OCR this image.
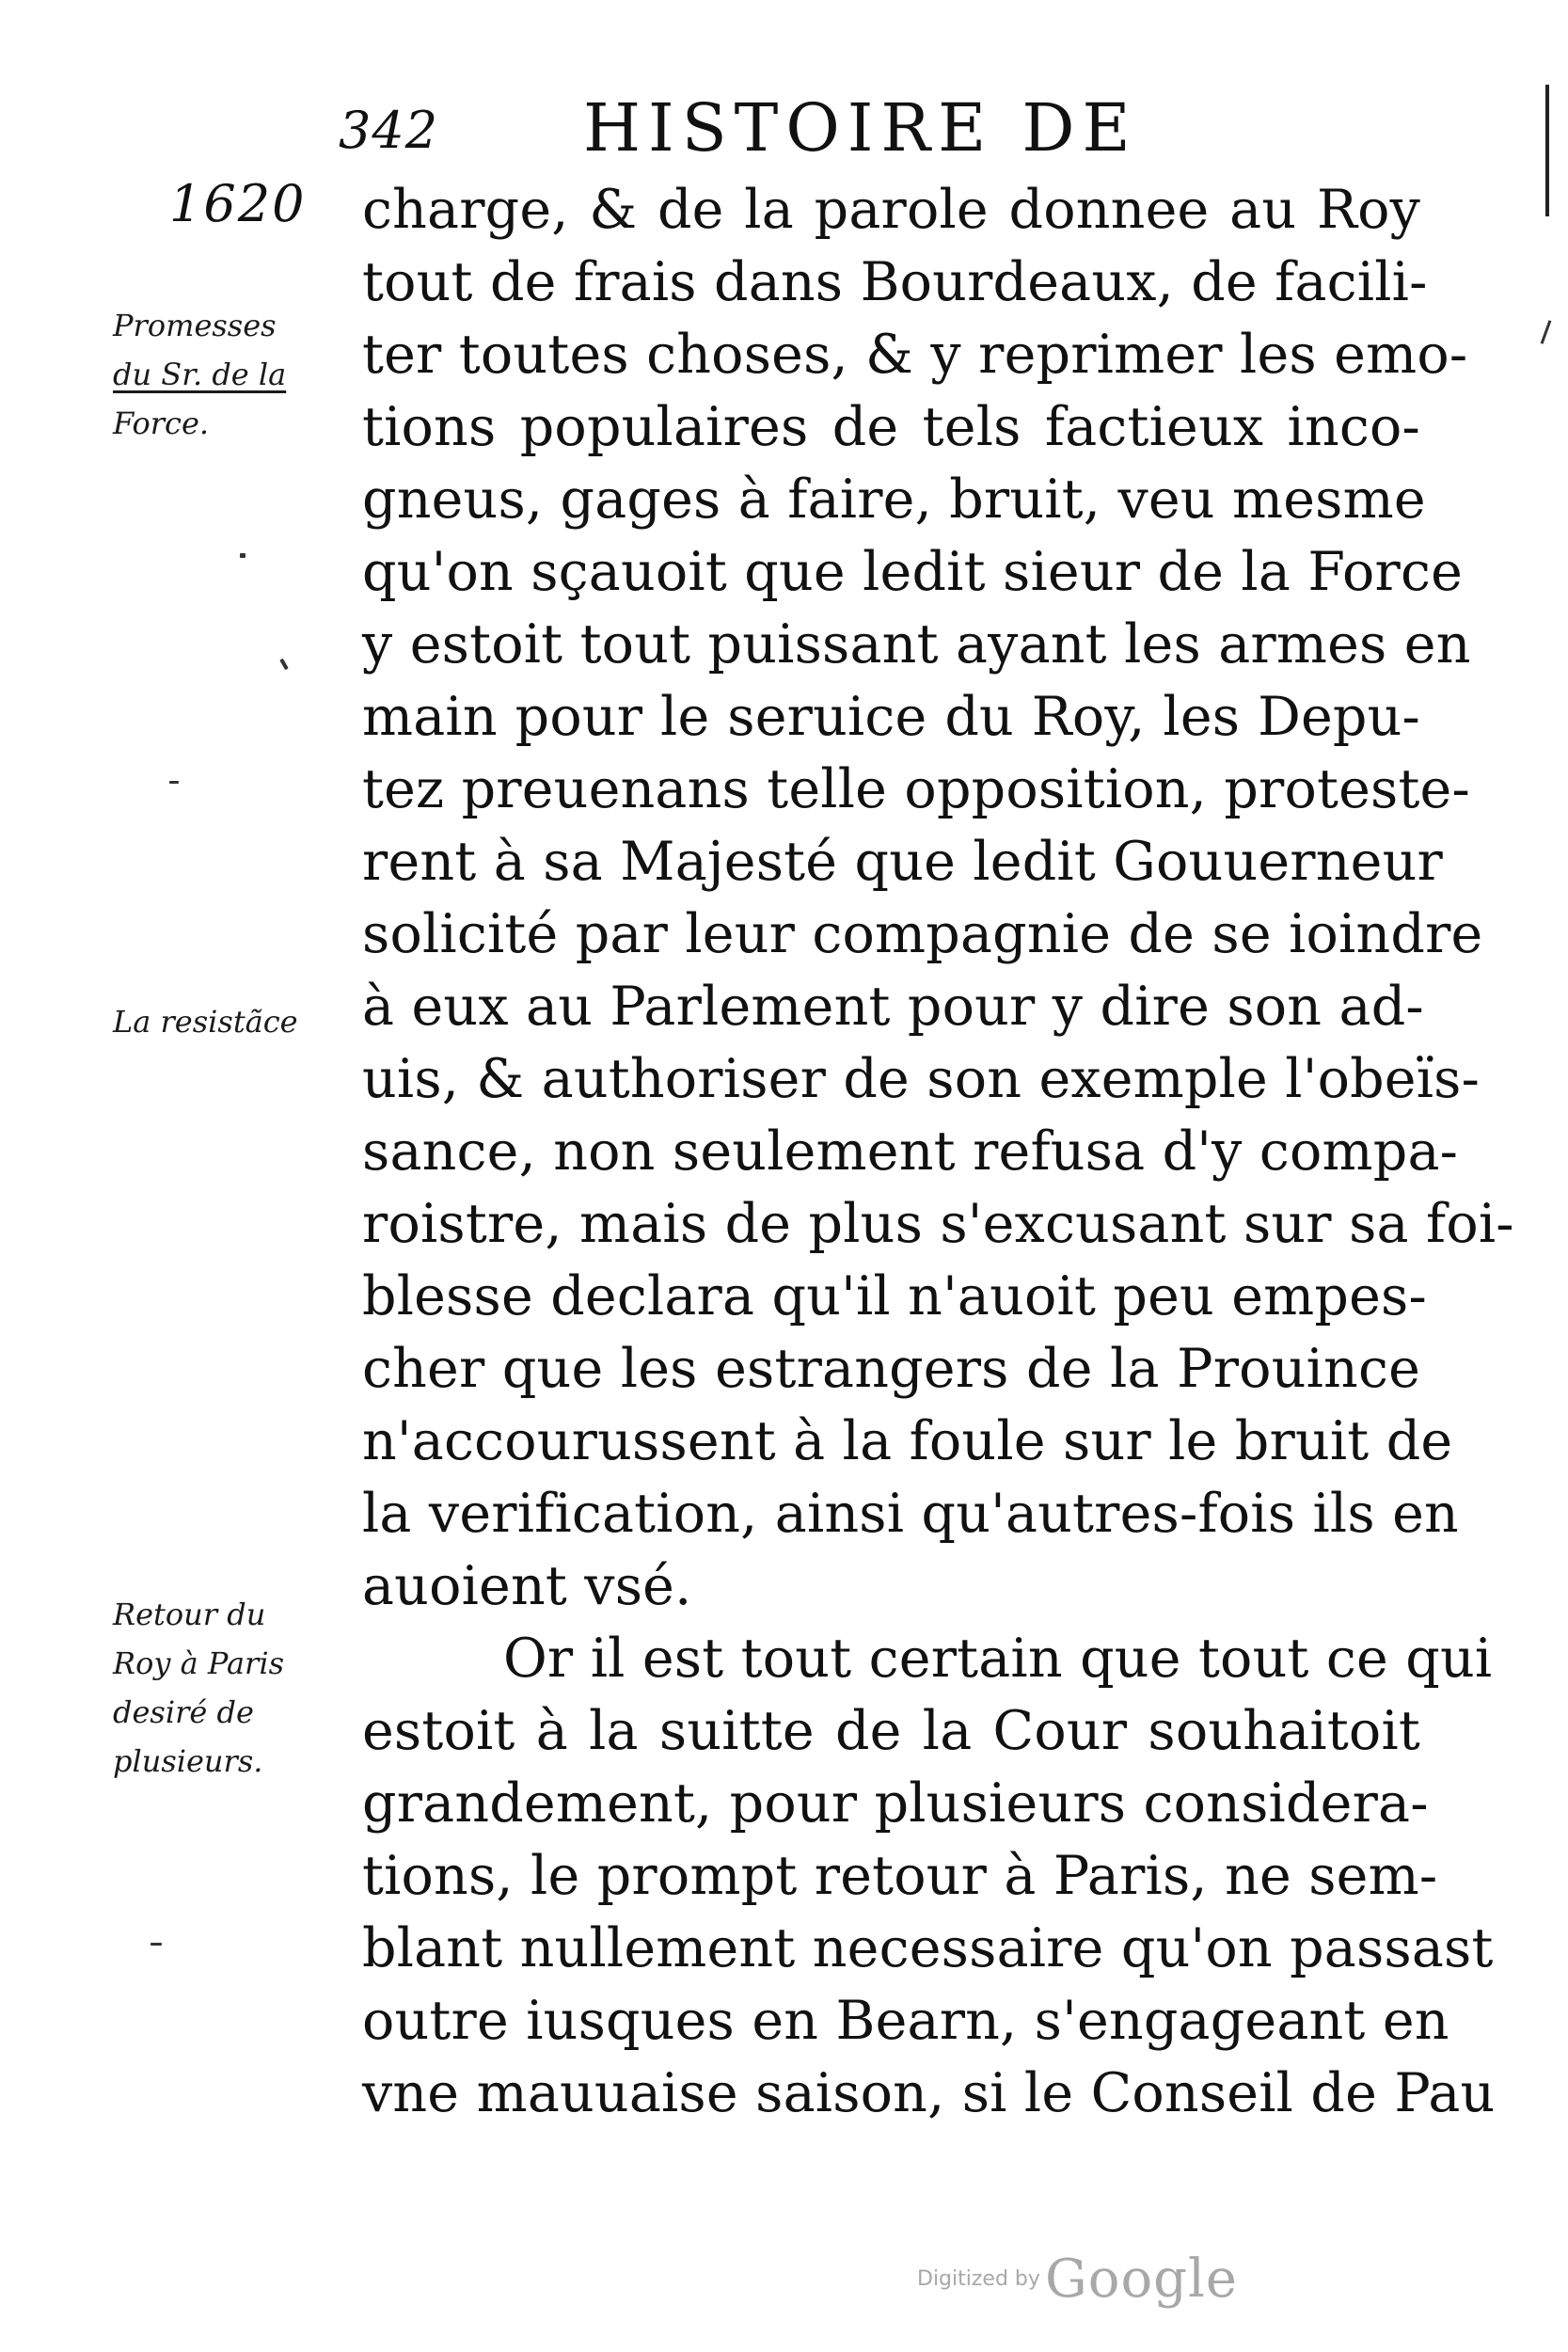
342 HISTOIRE DE
1620
Promesses
du Sr. de la
Force.
La resistãce
Retour du
Roy à Paris
desiré de
plusieurs.
charge, & de la parole donnee au Roy
tout de frais dans Bourdeaux, de facili-
ter toutes choses, & y reprimer les emo-
tions populaires de tels factieux inco-
gneus, gages à faire, bruit, veu mesme
qu'on sçauoit que ledit sieur de la Force
y estoit tout puissant ayant les armes en
main pour le seruice du Roy, les Depu-
tez preuenans telle opposition, proteste-
rent à sa Majesté que ledit Gouuerneur
solicité par leur compagnie de se ioindre
à eux au Parlement pour y dire son ad-
uis, & authoriser de son exemple l'obeïs-
sance, non seulement refusa d'y compa-
roistre, mais de plus s'excusant sur sa foi-
blesse declara qu'il n'auoit peu empes-
cher que les estrangers de la Prouince
n'accourussent à la foule sur le bruit de
la verification, ainsi qu'autres-fois ils en
auoient vsé.
Or il est tout certain que tout ce qui
estoit à la suitte de la Cour souhaitoit
grandement, pour plusieurs considera-
tions, le prompt retour à Paris, ne sem-
blant nullement necessaire qu'on passast
outre iusques en Bearn, s'engageant en
vne mauuaise saison, si le Conseil de Pau
Digitized by Google
